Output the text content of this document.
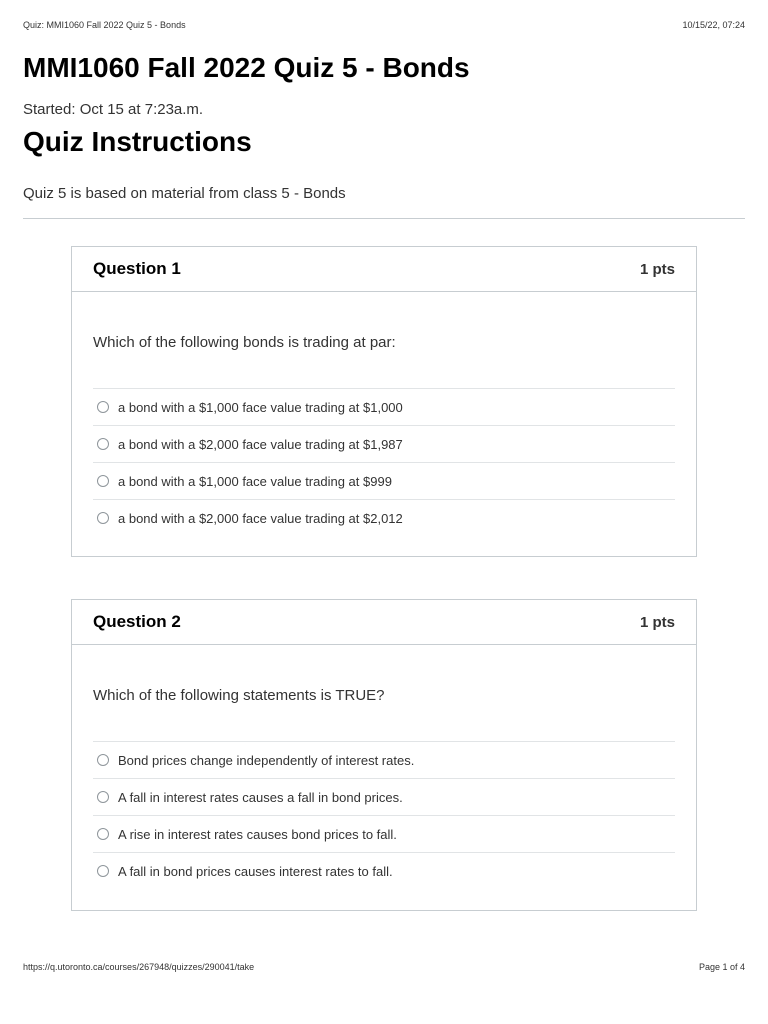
Quiz: MMI1060 Fall 2022 Quiz 5 - Bonds	10/15/22, 07:24
MMI1060 Fall 2022 Quiz 5 - Bonds
Started: Oct 15 at 7:23a.m.
Quiz Instructions
Quiz 5 is based on material from class 5 - Bonds
Question 1	1 pts
Which of the following bonds is trading at par:
a bond with a $1,000 face value trading at $1,000
a bond with a $2,000 face value trading at $1,987
a bond with a $1,000 face value trading at $999
a bond with a $2,000 face value trading at $2,012
Question 2	1 pts
Which of the following statements is TRUE?
Bond prices change independently of interest rates.
A fall in interest rates causes a fall in bond prices.
A rise in interest rates causes bond prices to fall.
A fall in bond prices causes interest rates to fall.
https://q.utoronto.ca/courses/267948/quizzes/290041/take	Page 1 of 4
